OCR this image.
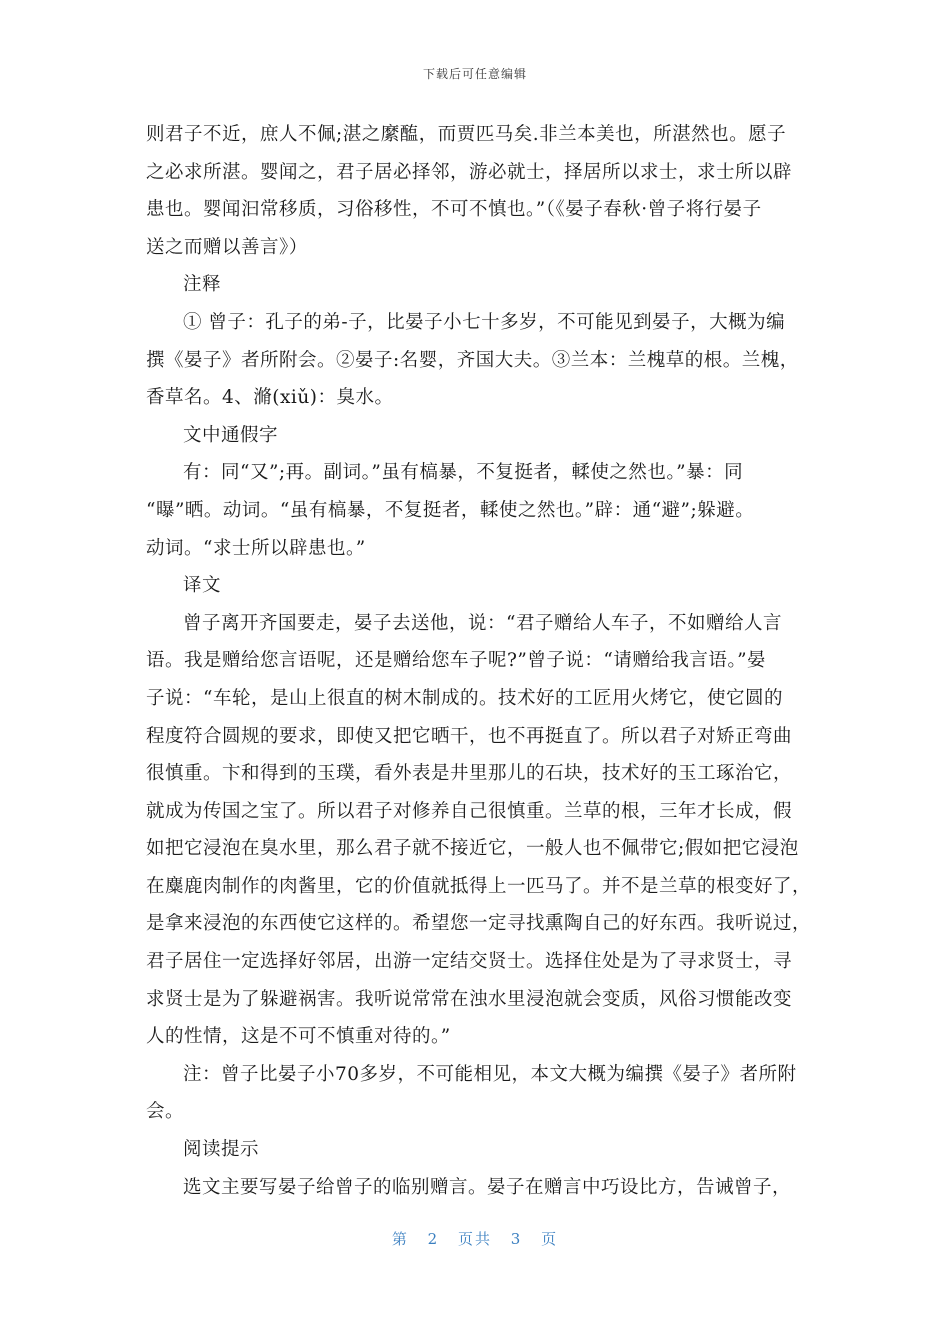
下载后可任意编辑
则君子不近，庶人不佩;湛之縻醢，而贾匹马矣.非兰本美也，所湛然也。愿子
之必求所湛。婴闻之，君子居必择邻，游必就士，择居所以求士，求士所以辟
患也。婴闻汩常移质，习俗移性，不可不慎也。”（《晏子春秋·曾子将行晏子
送之而赠以善言》）
注释
① 曾子：孔子的弟-子，比晏子小七十多岁，不可能见到晏子，大概为编
撰《晏子》者所附会。②晏子:名婴，齐国大夫。③兰本：兰槐草的根。兰槐，
香草名。4、滫(xiǔ)：臭水。
文中通假字
有：同“又”;再。副词。”虽有槁暴，不复挺者，輮使之然也。”暴：同
“曝”晒。动词。“虽有槁暴，不复挺者，輮使之然也。”辟：通“避”;躲避。
动词。“求士所以辟患也。”
译文
曾子离开齐国要走，晏子去送他，说：“君子赠给人车子，不如赠给人言
语。我是赠给您言语呢，还是赠给您车子呢?”曾子说：“请赠给我言语。”晏
子说：“车轮，是山上很直的树木制成的。技术好的工匠用火烤它，使它圆的
程度符合圆规的要求，即使又把它晒干，也不再挺直了。所以君子对矫正弯曲
很慎重。卞和得到的玉璞，看外表是井里那儿的石块，技术好的玉工琢治它，
就成为传国之宝了。所以君子对修养自己很慎重。兰草的根，三年才长成，假
如把它浸泡在臭水里，那么君子就不接近它，一般人也不佩带它;假如把它浸泡
在麋鹿肉制作的肉酱里，它的价值就抵得上一匹马了。并不是兰草的根变好了，
是拿来浸泡的东西使它这样的。希望您一定寻找熏陶自己的好东西。我听说过，
君子居住一定选择好邻居，出游一定结交贤士。选择住处是为了寻求贤士，寻
求贤士是为了躲避祸害。我听说常常在浊水里浸泡就会变质，风俗习惯能改变
人的性情，这是不可不慎重对待的。”
注：曾子比晏子小70多岁，不可能相见，本文大概为编撰《晏子》者所附
会。
阅读提示
选文主要写晏子给曾子的临别赠言。晏子在赠言中巧设比方，告诫曾子，
第 2 页共 3 页
